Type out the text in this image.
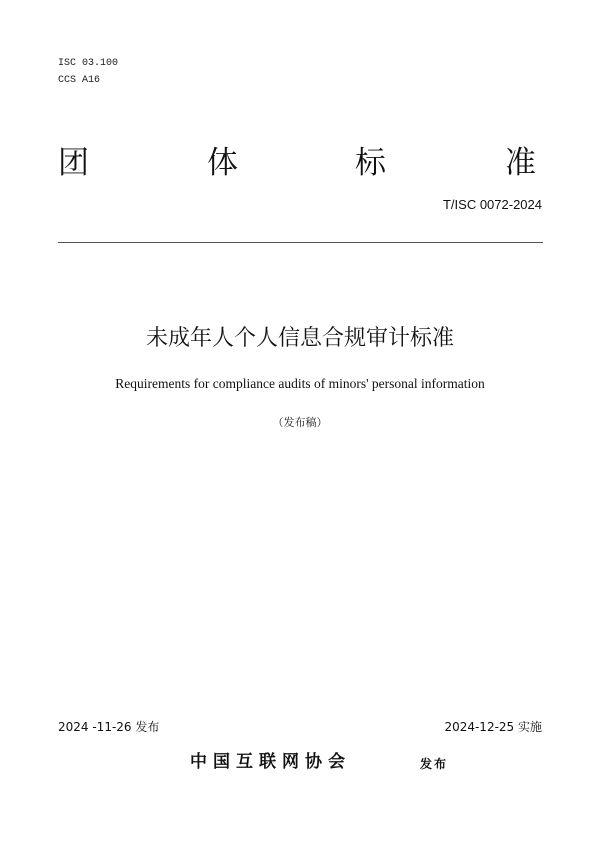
ISC 03.100
CCS A16
团	体	标	准
T/ISC 0072-2024
未成年人个人信息合规审计标准
Requirements for compliance audits of minors' personal information
（发布稿）
2024 -11-26 发布	2024-12-25 实施
中国互联网协会	发布
